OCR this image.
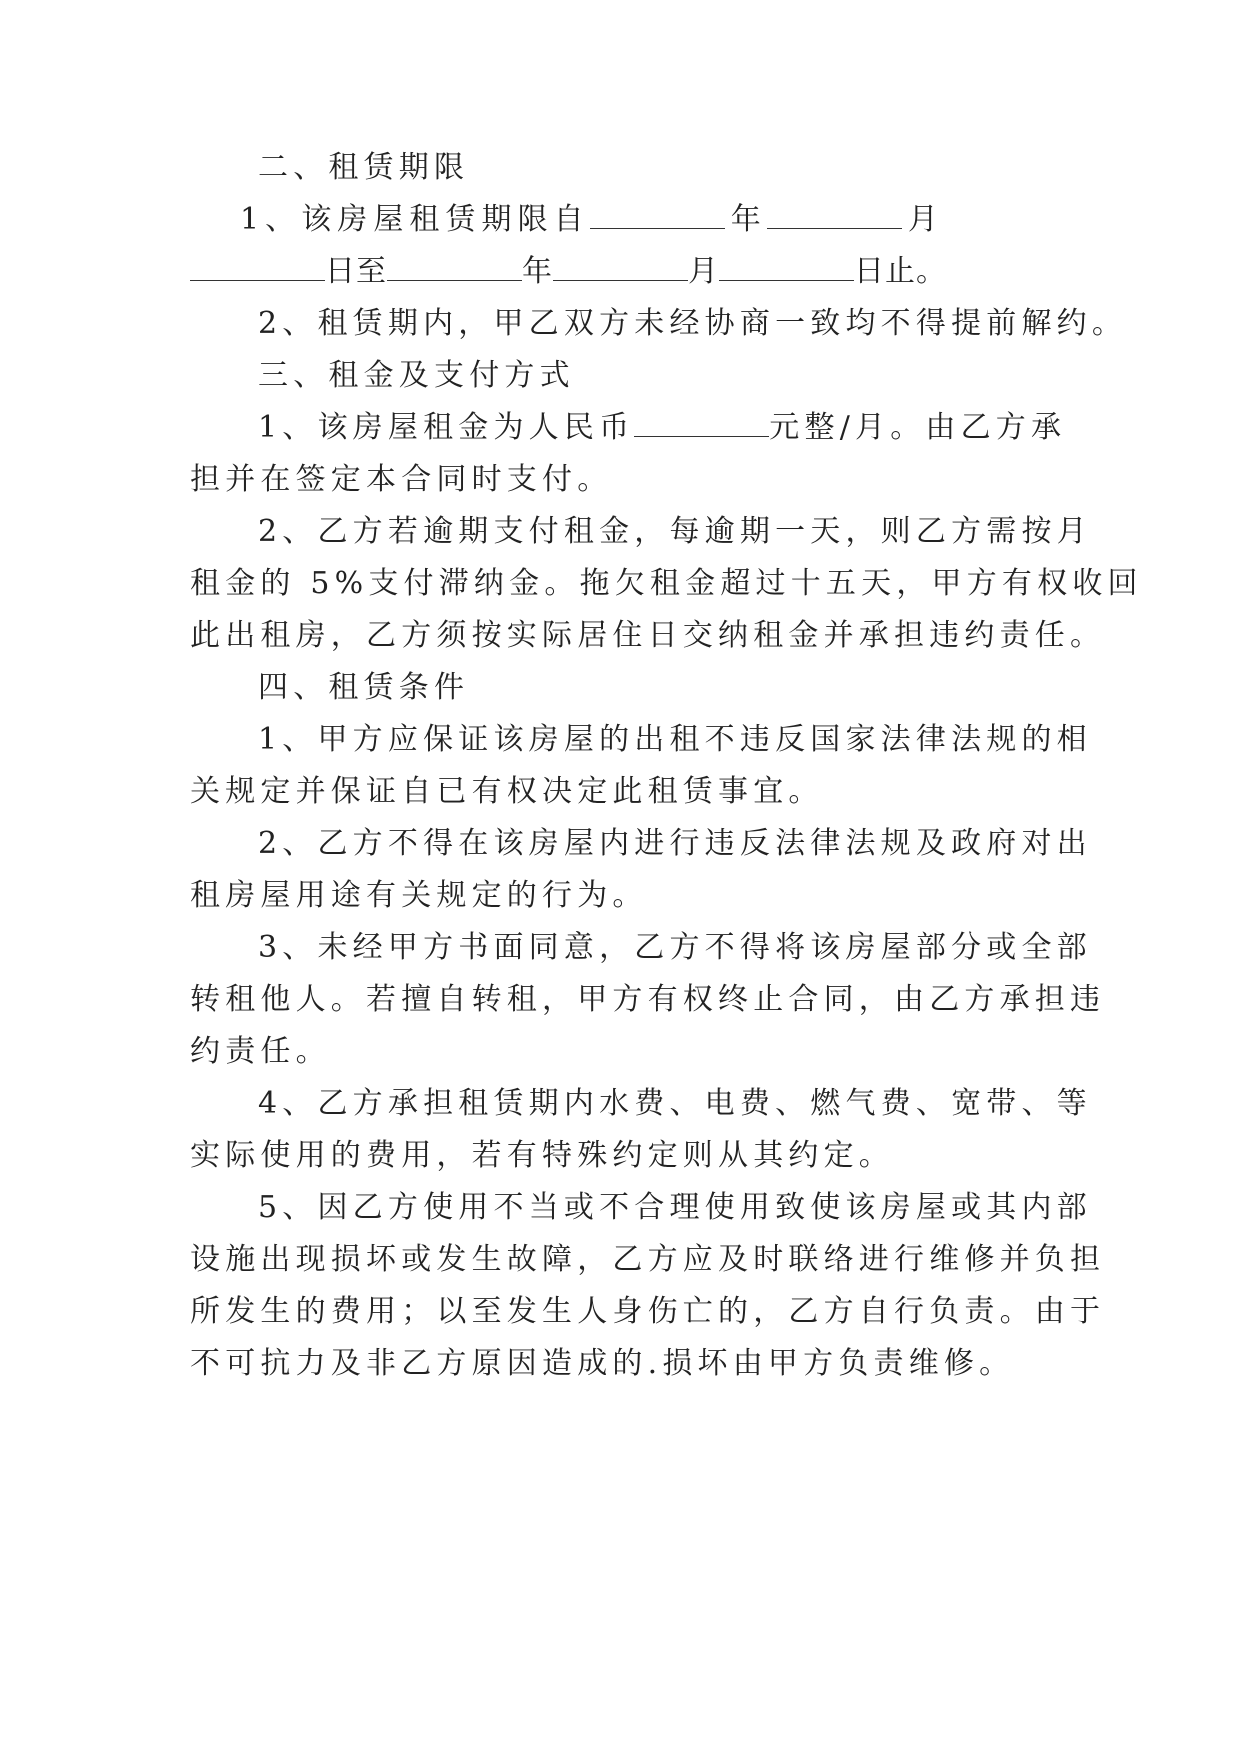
二、租赁期限
1 、 该 房 屋 租 赁 期 限 自	年	月
日至	年	月	日止。
2、租赁期内，甲乙双方未经协商一致均不得提前解约。
三、租金及支付方式
1、该房屋租金为人民币	元整/月。由乙方承
担并在签定本合同时支付。
2、乙方若逾期支付租金，每逾期一天，则乙方需按月
租金的 5%支付滞纳金。拖欠租金超过十五天，甲方有权收回
此出租房，乙方须按实际居住日交纳租金并承担违约责任。
四、租赁条件
1、甲方应保证该房屋的出租不违反国家法律法规的相
关规定并保证自已有权决定此租赁事宜。
2、乙方不得在该房屋内进行违反法律法规及政府对出
租房屋用途有关规定的行为。
3、未经甲方书面同意，乙方不得将该房屋部分或全部
转租他人。若擅自转租，甲方有权终止合同，由乙方承担违
约责任。
4、乙方承担租赁期内水费、电费、燃气费、宽带、等
实际使用的费用，若有特殊约定则从其约定。
5、因乙方使用不当或不合理使用致使该房屋或其内部
设施出现损坏或发生故障，乙方应及时联络进行维修并负担
所发生的费用；以至发生人身伤亡的，乙方自行负责。由于
不可抗力及非乙方原因造成的.损坏由甲方负责维修。
